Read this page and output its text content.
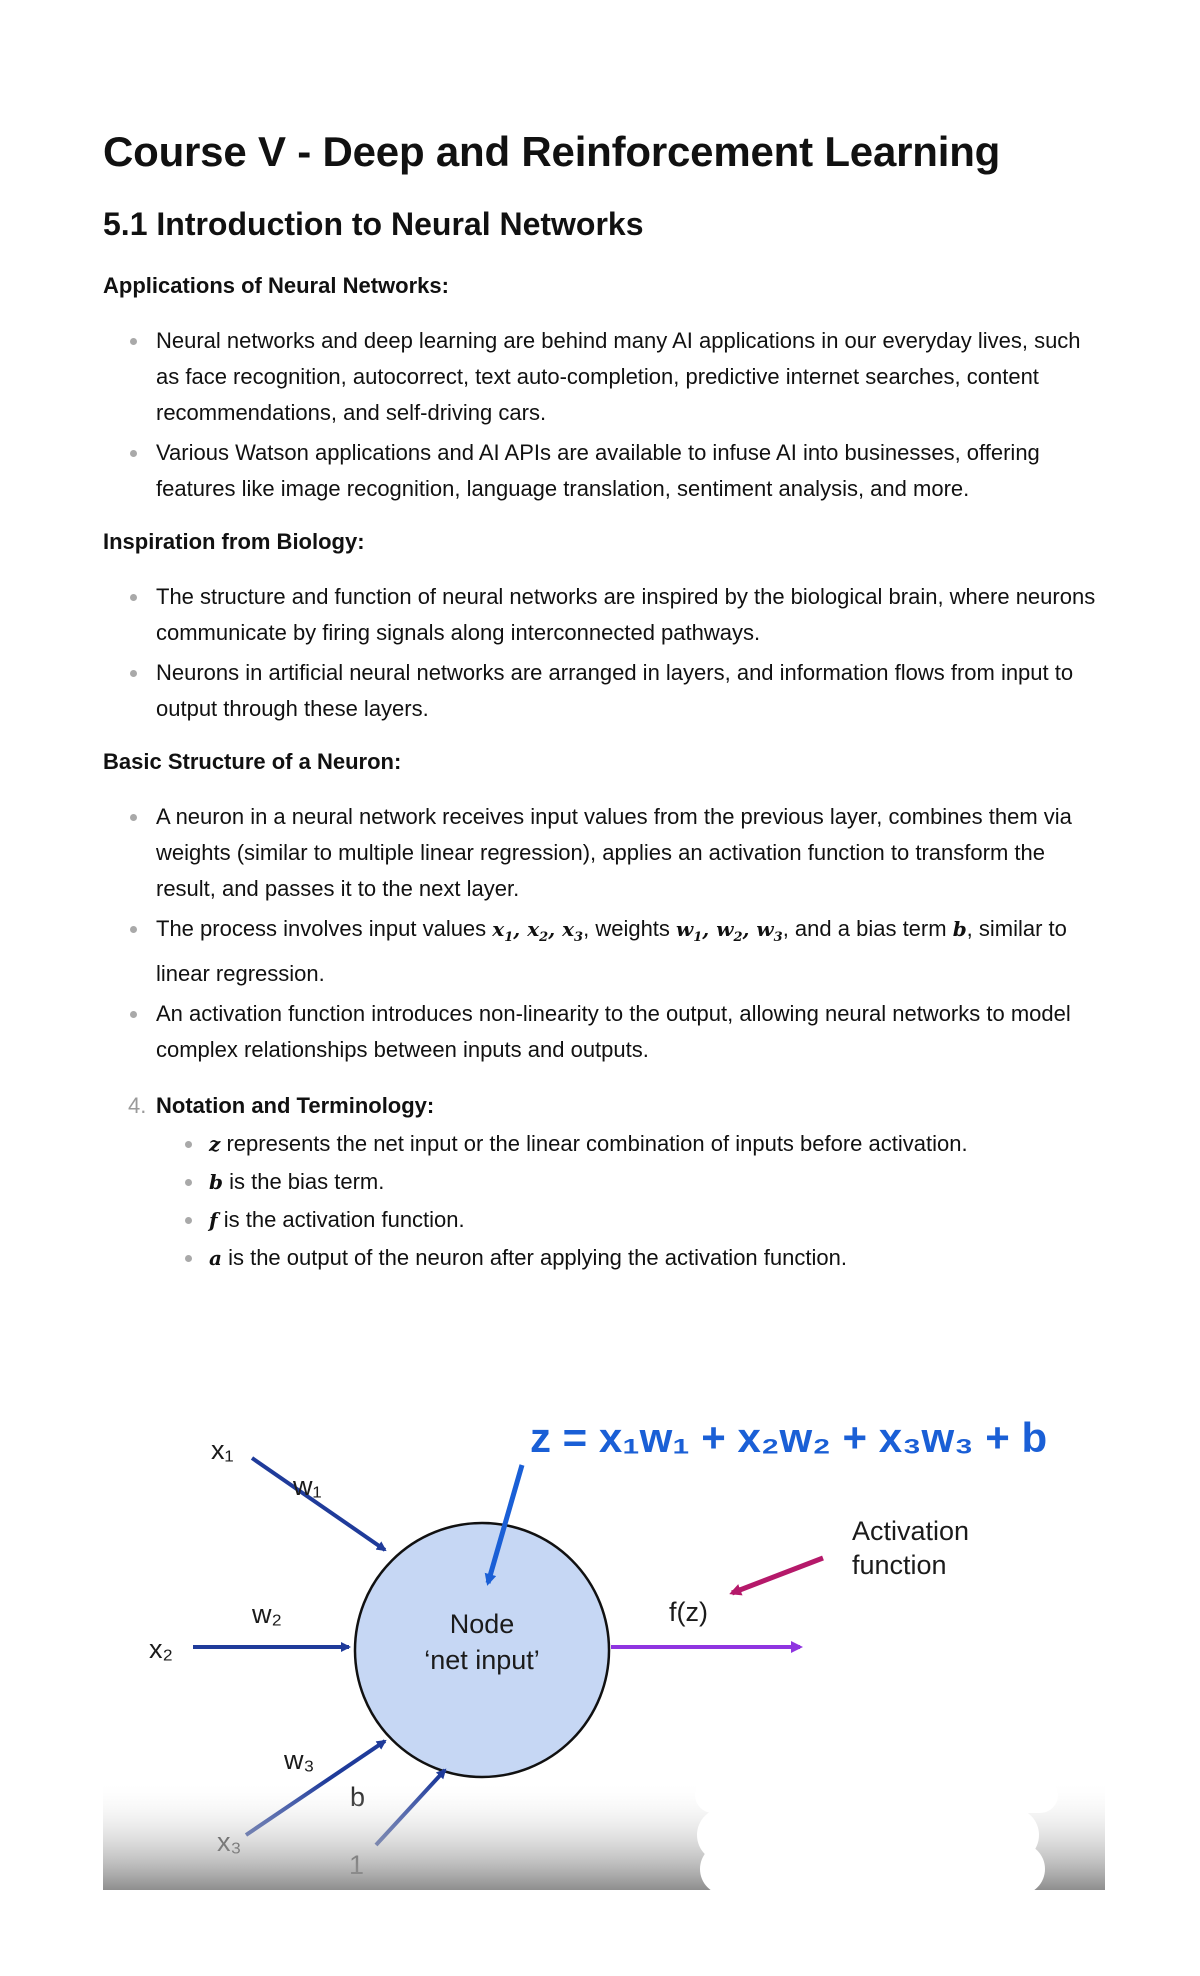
Course V - Deep and Reinforcement Learning
5.1 Introduction to Neural Networks
Applications of Neural Networks:
Neural networks and deep learning are behind many AI applications in our everyday lives, such as face recognition, autocorrect, text auto-completion, predictive internet searches, content recommendations, and self-driving cars.
Various Watson applications and AI APIs are available to infuse AI into businesses, offering features like image recognition, language translation, sentiment analysis, and more.
Inspiration from Biology:
The structure and function of neural networks are inspired by the biological brain, where neurons communicate by firing signals along interconnected pathways.
Neurons in artificial neural networks are arranged in layers, and information flows from input to output through these layers.
Basic Structure of a Neuron:
A neuron in a neural network receives input values from the previous layer, combines them via weights (similar to multiple linear regression), applies an activation function to transform the result, and passes it to the next layer.
The process involves input values $x_1$, $x_2$, $x_3$, weights $w_1$, $w_2$, $w_3$, and a bias term b, similar to linear regression.
An activation function introduces non-linearity to the output, allowing neural networks to model complex relationships between inputs and outputs.
4. Notation and Terminology:
z represents the net input or the linear combination of inputs before activation.
b is the bias term.
f is the activation function.
a is the output of the neuron after applying the activation function.
z = x₁w₁ + x₂w₂ + x₃w₃ + b
Node
‘net input’
x₁
x₂
w₁
w₂
w₃
f(z)
Activation
function
